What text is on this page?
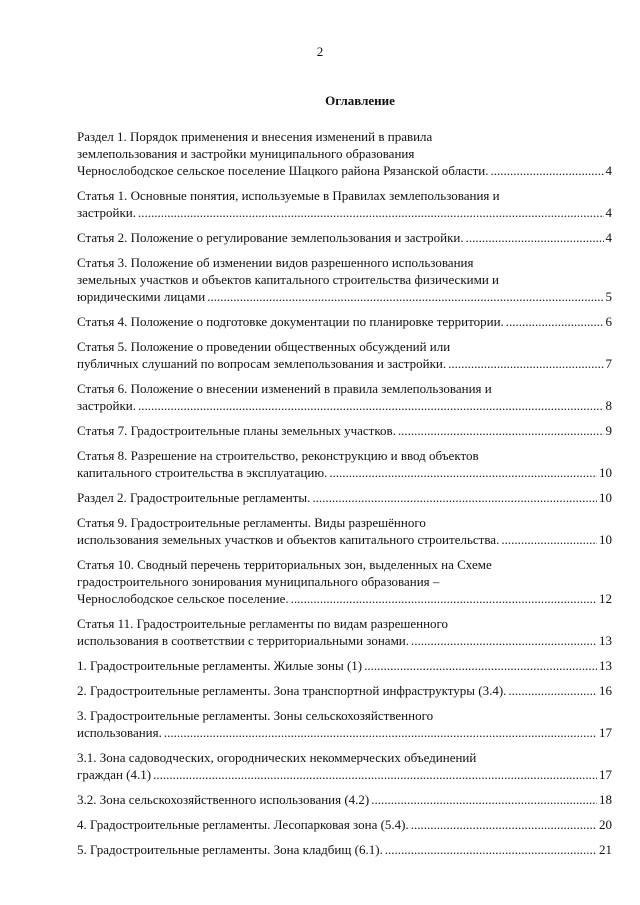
2
Оглавление
Раздел 1. Порядок применения и внесения изменений в правила
землепользования и застройки муниципального образования
Чернослободское сельское поселение Шацкого района Рязанской области. .....	4
Статья 1. Основные понятия, используемые в Правилах землепользования и
застройки. .....	4
Статья 2. Положение о регулирование землепользования и застройки. .....	4
Статья 3. Положение об изменении видов разрешенного использования
земельных участков и объектов капитального строительства физическими и
юридическими лицами .....	5
Статья 4. Положение о подготовке документации по планировке территории. .....	6
Статья 5. Положение о проведении общественных обсуждений или
публичных слушаний по вопросам землепользования и застройки. .....	7
Статья 6. Положение о внесении изменений в правила землепользования и
застройки. .....	8
Статья 7. Градостроительные планы земельных участков. .....	9
Статья 8. Разрешение на строительство, реконструкцию и ввод объектов
капитального строительства в эксплуатацию. .....	10
Раздел 2. Градостроительные регламенты. .....	10
Статья 9. Градостроительные регламенты. Виды разрешённого
использования земельных участков и объектов капитального строительства. .....	10
Статья 10. Сводный перечень территориальных зон, выделенных на Схеме
градостроительного зонирования муниципального образования –
Чернослободское сельское поселение. .....	12
Статья 11. Градостроительные регламенты по видам разрешенного
использования в соответствии с территориальными зонами. .....	13
1. Градостроительные регламенты. Жилые зоны (1) .....	13
2. Градостроительные регламенты. Зона транспортной инфраструктуры (3.4). .....	16
3. Градостроительные регламенты. Зоны сельскохозяйственного
использования. .....	17
3.1. Зона садоводческих, огороднических некоммерческих объединений
граждан (4.1) .....	17
3.2. Зона сельскохозяйственного использования (4.2) .....	18
4. Градостроительные регламенты. Лесопарковая зона (5.4). .....	20
5. Градостроительные регламенты. Зона кладбищ (6.1). .....	21
